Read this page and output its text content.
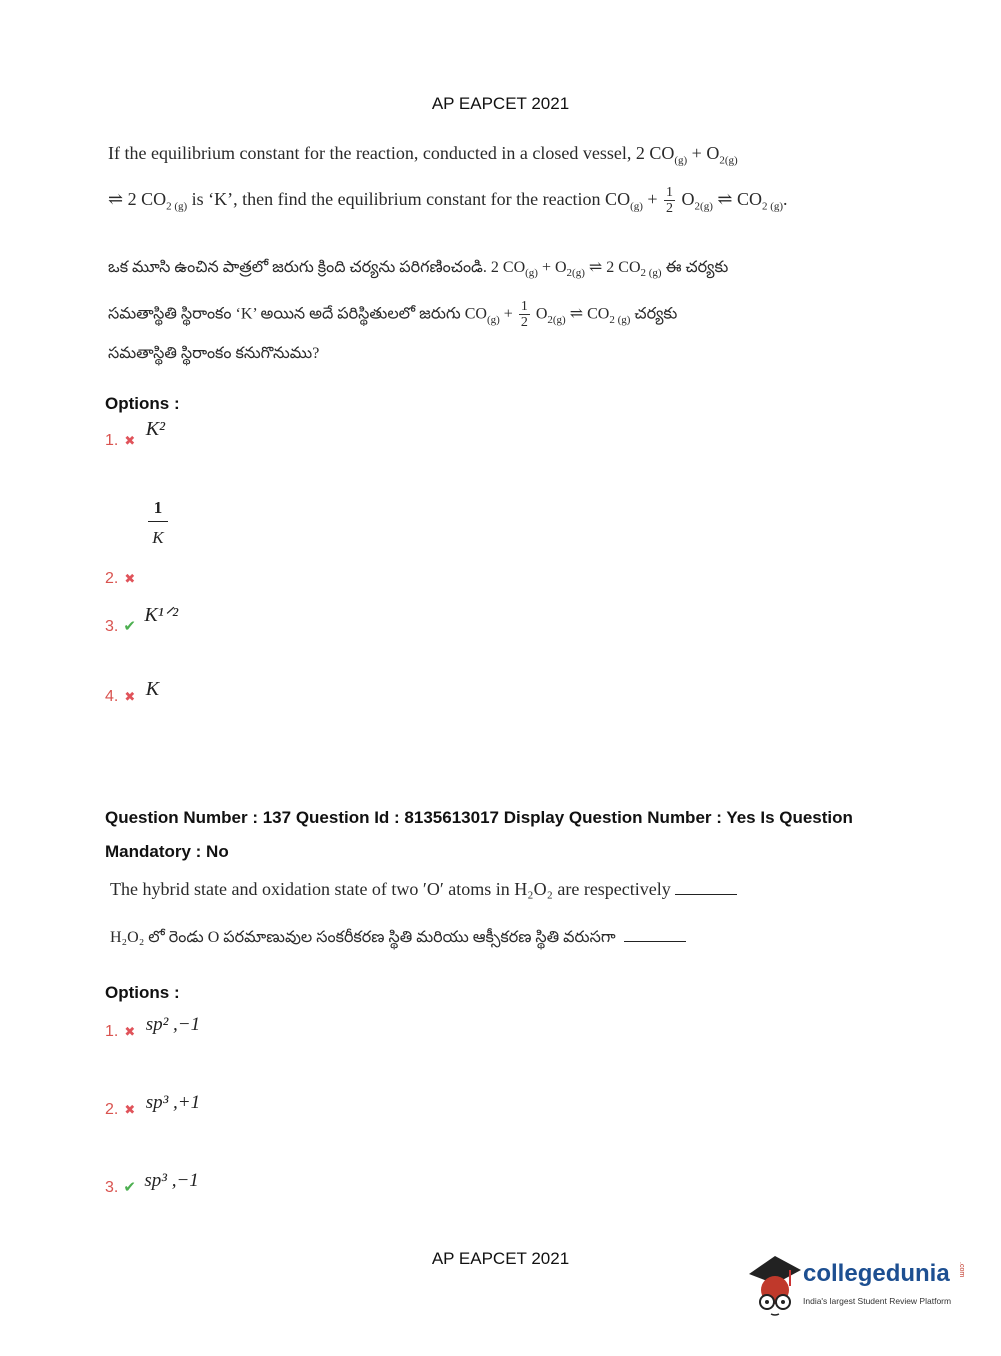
AP EAPCET 2021
If the equilibrium constant for the reaction, conducted in a closed vessel, 2 $CO_{(g)} + O_{2(g)}$
⇌ 2 $CO_{2 (g)}$ is ‘K’, then find the equilibrium constant for the reaction $CO_{(g)} + \frac{1}{2} O_{2(g)}$ ⇌ $CO_{2 (g)}$.
ఒక మూసి ఉంచిన పాత్రలో జరుగు క్రింది చర్యను పరిగణించండి. 2 $CO_{(g)} + O_{2(g)}$ ⇌ 2 $CO_{2 (g)}$ ఈ చర్యకు
సమతాస్థితి స్థిరాంకం ‘K’ అయిన అదే పరిస్థితులలో జరుగు $CO_{(g)} + \frac{1}{2} O_{2(g)}$ ⇌ $CO_{2 (g)}$ చర్యకు
సమతాస్థితి స్థిరాంకం కనుగొనుము?
Options :
1. ✖ K²
2. $_✖$
$\frac{1}{K}$
3. ✔ K¹ᐟ²
4. ✖ K
Question Number : 137 Question Id : 8135613017 Display Question Number : Yes Is Question
Mandatory : No
The hybrid state and oxidation state of two ′O′ atoms in H₂O₂ are respectively
H₂O₂ లో రెండు O పరమాణువుల సంకరీకరణ స్థితి మరియు ఆక్సీకరణ స్థితి వరుసగా
Options :
1. ✖ sp² ,−1
2. ✖ sp³ ,+1
3. ✔ sp³ ,−1
AP EAPCET 2021
collegedunia .com
India's largest Student Review Platform
